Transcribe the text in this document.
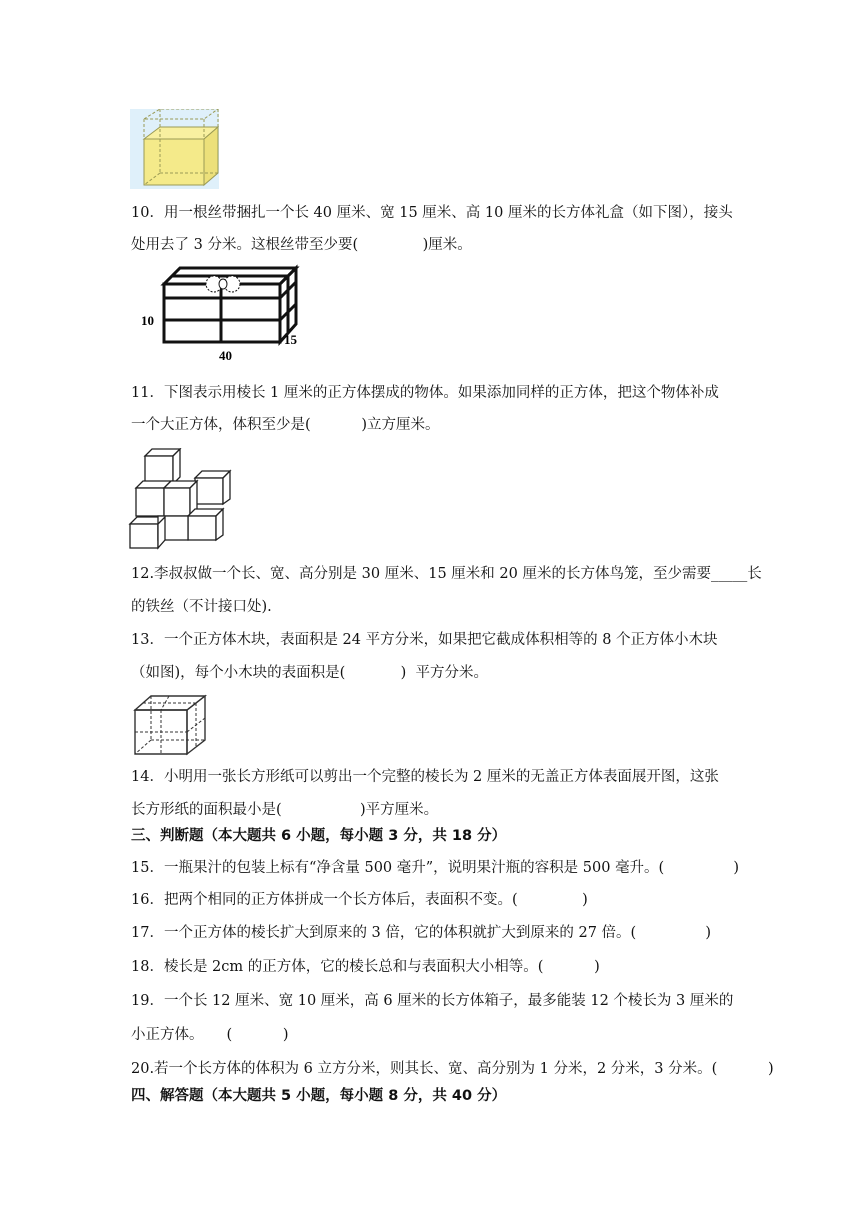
10．用一根丝带捆扎一个长 40 厘米、宽 15 厘米、高 10 厘米的长方体礼盒（如下图），接头
处用去了 3 分米。这根丝带至少要(              )厘米。
10
15
40
11．下图表示用棱长 1 厘米的正方体摆成的物体。如果添加同样的正方体，把这个物体补成
一个大正方体，体积至少是(           )立方厘米。
12.李叔叔做一个长、宽、高分别是 30 厘米、15 厘米和 20 厘米的长方体鸟笼，至少需要_____长
的铁丝（不计接口处).
13．一个正方体木块，表面积是 24 平方分米，如果把它截成体积相等的 8 个正方体小木块
（如图)，每个小木块的表面积是(            )  平方分米。
14．小明用一张长方形纸可以剪出一个完整的棱长为 2 厘米的无盖正方体表面展开图，这张
长方形纸的面积最小是(                 )平方厘米。
三、判断题（本大题共 6 小题，每小题 3 分，共 18 分）
15．一瓶果汁的包装上标有“净含量 500 毫升”，说明果汁瓶的容积是 500 毫升。(               )
16．把两个相同的正方体拼成一个长方体后，表面积不变。(              )
17．一个正方体的棱长扩大到原来的 3 倍，它的体积就扩大到原来的 27 倍。(               )
18．棱长是 2cm 的正方体，它的棱长总和与表面积大小相等。(           )
19．一个长 12 厘米、宽 10 厘米，高 6 厘米的长方体箱子，最多能装 12 个棱长为 3 厘米的
小正方体。     (           )
20.若一个长方体的体积为 6 立方分米，则其长、宽、高分别为 1 分米，2 分米，3 分米。(           )
四、解答题（本大题共 5 小题，每小题 8 分，共 40 分）
